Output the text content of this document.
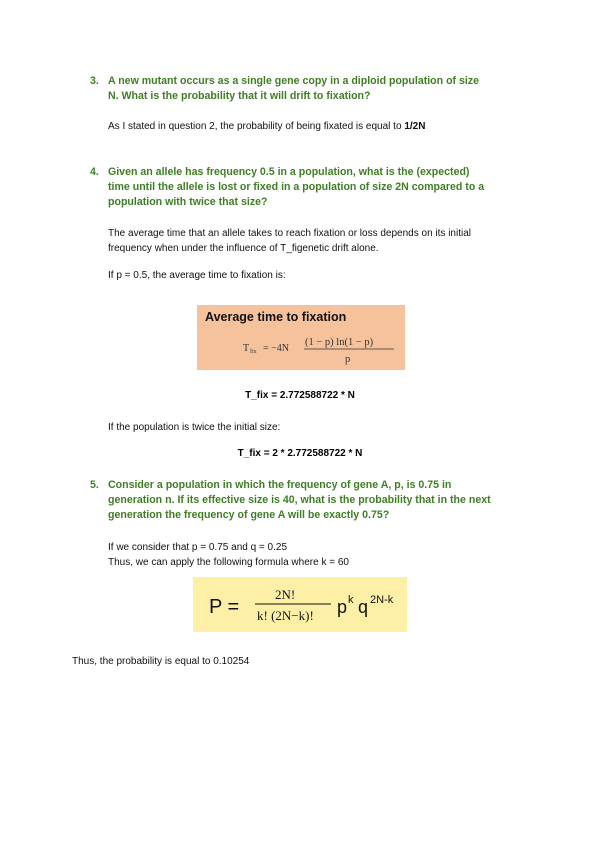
3. A new mutant occurs as a single gene copy in a diploid population of size
N. What is the probability that it will drift to fixation?
As I stated in question 2, the probability of being fixated is equal to 1/2N
4. Given an allele has frequency 0.5 in a population, what is the (expected)
time until the allele is lost or fixed in a population of size 2N compared to a
population with twice that size?
The average time that an allele takes to reach fixation or loss depends on its initial
frequency when under the influence of T_figenetic drift alone.
If p = 0.5, the average time to fixation is:
Average time to fixation
T fix = −4N
(1 − p) ln(1 − p)
p
T_fix = 2.772588722 * N
If the population is twice the initial size:
T_fix = 2 * 2.772588722 * N
5. Consider a population in which the frequency of gene A, p, is 0.75 in
generation n. If its effective size is 40, what is the probability that in the next
generation the frequency of gene A will be exactly 0.75?
If we consider that p = 0.75 and q = 0.25
Thus, we can apply the following formula where k = 60
P =
2N!
k! (2N−k)! p k q 2N-k
Thus, the probability is equal to 0.10254
